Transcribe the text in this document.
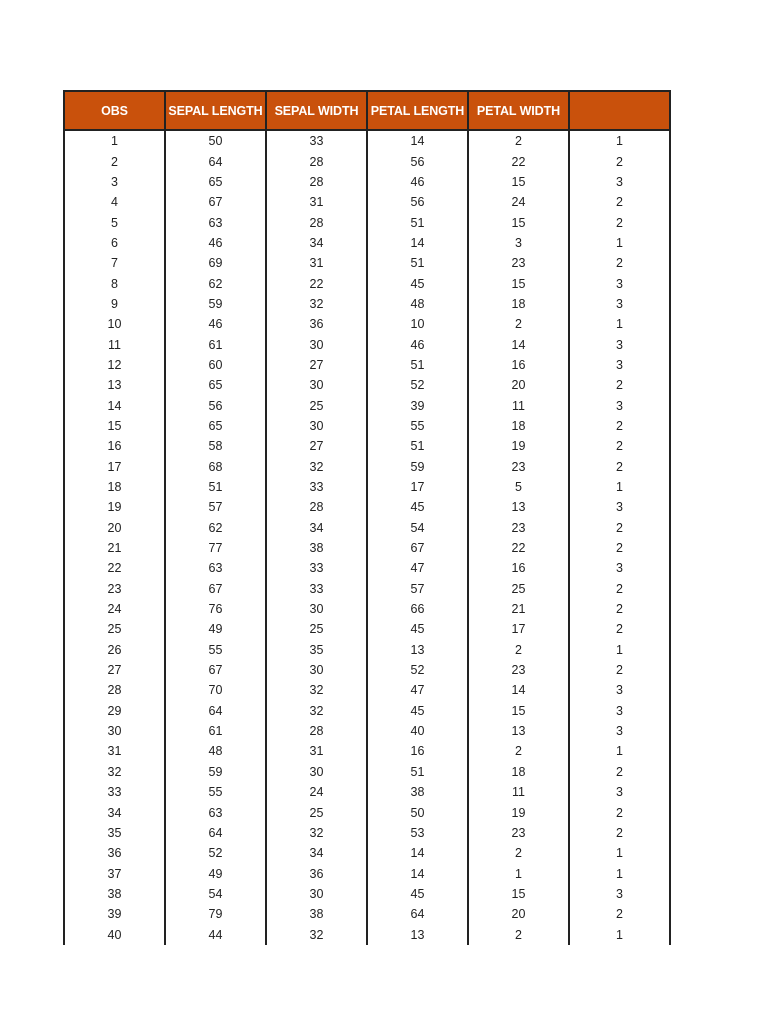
OBS	SEPAL LENGTH	SEPAL WIDTH	PETAL LENGTH	PETAL WIDTH	
1	50	33	14	2	1
2	64	28	56	22	2
3	65	28	46	15	3
4	67	31	56	24	2
5	63	28	51	15	2
6	46	34	14	3	1
7	69	31	51	23	2
8	62	22	45	15	3
9	59	32	48	18	3
10	46	36	10	2	1
11	61	30	46	14	3
12	60	27	51	16	3
13	65	30	52	20	2
14	56	25	39	11	3
15	65	30	55	18	2
16	58	27	51	19	2
17	68	32	59	23	2
18	51	33	17	5	1
19	57	28	45	13	3
20	62	34	54	23	2
21	77	38	67	22	2
22	63	33	47	16	3
23	67	33	57	25	2
24	76	30	66	21	2
25	49	25	45	17	2
26	55	35	13	2	1
27	67	30	52	23	2
28	70	32	47	14	3
29	64	32	45	15	3
30	61	28	40	13	3
31	48	31	16	2	1
32	59	30	51	18	2
33	55	24	38	11	3
34	63	25	50	19	2
35	64	32	53	23	2
36	52	34	14	2	1
37	49	36	14	1	1
38	54	30	45	15	3
39	79	38	64	20	2
40	44	32	13	2	1
